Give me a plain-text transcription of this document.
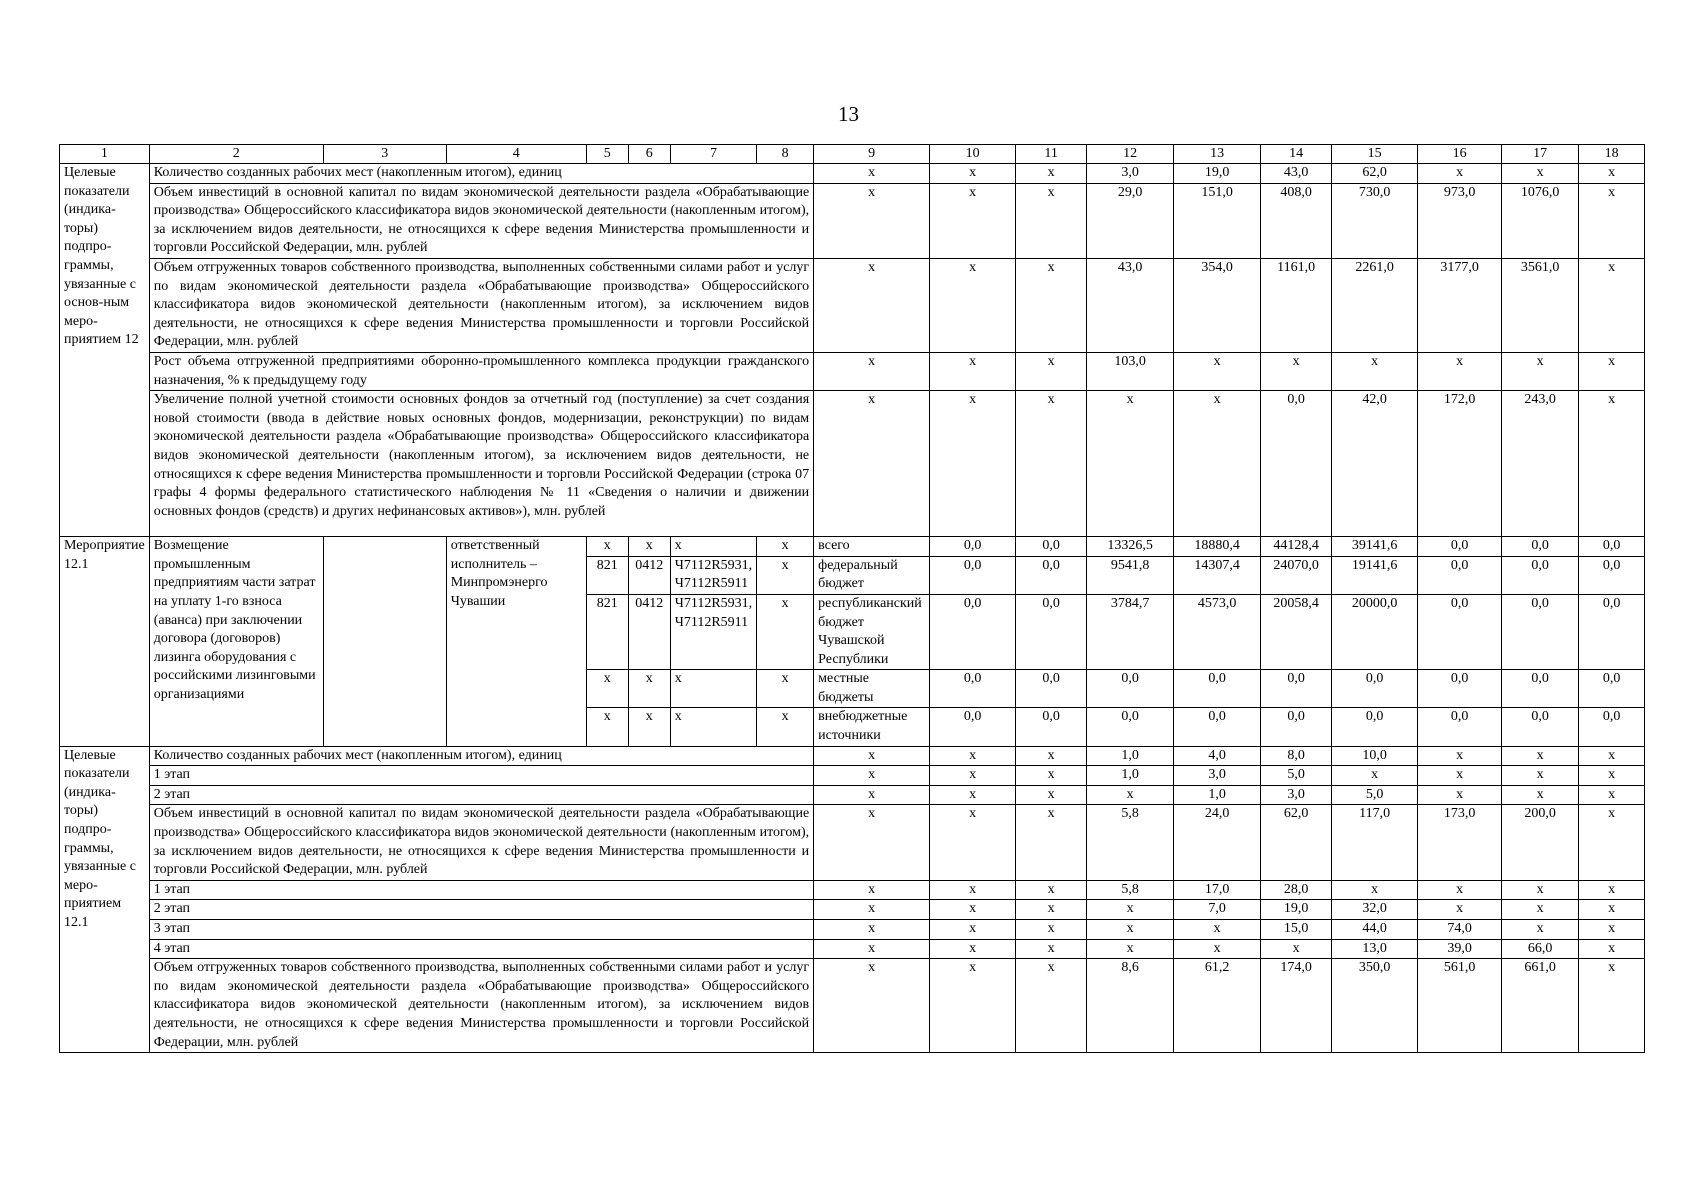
13
1	2	3	4	5	6	7	8	9	10	11	12	13	14	15	16	17	18
Целевые показатели (индика-торы) подпро-граммы, увязанные с основ-ным меро-приятием 12	Количество созданных рабочих мест (накопленным итогом), единиц							х	х	х	3,0	19,0	43,0	62,0	х	х	х
	Объем инвестиций в основной капитал по видам экономической деятельности раздела «Обрабатывающие производства» Общероссийского классификатора видов экономической деятельности (накопленным итогом), за исключением видов деятельности, не относящихся к сфере ведения Министерства промышленности и торговли Российской Федерации, млн. рублей							х	х	х	29,0	151,0	408,0	730,0	973,0	1076,0	х
	Объем отгруженных товаров собственного производства, выполненных собственными силами работ и услуг по видам экономической деятельности раздела «Обрабатывающие производства» Общероссийского классификатора видов экономической деятельности (накопленным итогом), за исключением видов деятельности, не относящихся к сфере ведения Министерства промышленности и торговли Российской Федерации, млн. рублей							х	х	х	43,0	354,0	1161,0	2261,0	3177,0	3561,0	х
	Рост объема отгруженной предприятиями оборонно-промышленного комплекса продукции гражданского назначения, % к предыдущему году							х	х	х	103,0	х	х	х	х	х	х
	Увеличение полной учетной стоимости основных фондов за отчетный год (поступление) за счет создания новой стоимости (ввода в действие новых основных фондов, модернизации, реконструкции) по видам экономической деятельности раздела «Обрабатывающие производства» Общероссийского классификатора видов экономической деятельности (накопленным итогом), за исключением видов деятельности, не относящихся к сфере ведения Министерства промышленности и торговли Российской Федерации (строка 07 графы 4 формы федерального статистического наблюдения № 11 «Сведения о наличии и движении основных фондов (средств) и других нефинансовых активов»), млн. рублей							х	х	х	х	х	0,0	42,0	172,0	243,0	х
Мероприятие 12.1	Возмещение промышленным предприятиям части затрат на уплату 1-го взноса (аванса) при заключении договора (договоров) лизинга оборудования с российскими лизинговыми организациями		ответственный исполнитель – Минпромэнерго Чувашии	х	х	х	х	всего	0,0	0,0	13326,5	18880,4	44128,4	39141,6	0,0	0,0	0,0
				821	0412	Ч7112R5931, Ч7112R5911	х	федеральный бюджет	0,0	0,0	9541,8	14307,4	24070,0	19141,6	0,0	0,0	0,0
				821	0412	Ч7112R5931, Ч7112R5911	х	республиканский бюджет Чувашской Республики	0,0	0,0	3784,7	4573,0	20058,4	20000,0	0,0	0,0	0,0
				х	х	х	х	местные бюджеты	0,0	0,0	0,0	0,0	0,0	0,0	0,0	0,0	0,0
				х	х	х	х	внебюджетные источники	0,0	0,0	0,0	0,0	0,0	0,0	0,0	0,0	0,0
Целевые показатели (индика-торы) подпро-граммы, увязанные с меро-приятием 12.1	Количество созданных рабочих мест (накопленным итогом), единиц							х	х	х	1,0	4,0	8,0	10,0	х	х	х
	1 этап							х	х	х	1,0	3,0	5,0	х	х	х	х
	2 этап							х	х	х	х	1,0	3,0	5,0	х	х	х
	Объем инвестиций в основной капитал по видам экономической деятельности раздела «Обрабатывающие производства» Общероссийского классификатора видов экономической деятельности (накопленным итогом), за исключением видов деятельности, не относящихся к сфере ведения Министерства промышленности и торговли Российской Федерации, млн. рублей							х	х	х	5,8	24,0	62,0	117,0	173,0	200,0	х
	1 этап							х	х	х	5,8	17,0	28,0	х	х	х	х
	2 этап							х	х	х	х	7,0	19,0	32,0	х	х	х
	3 этап							х	х	х	х	х	15,0	44,0	74,0	х	х
	4 этап							х	х	х	х	х	х	13,0	39,0	66,0	х
	Объем отгруженных товаров собственного производства, выполненных собственными силами работ и услуг по видам экономической деятельности раздела «Обрабатывающие производства» Общероссийского классификатора видов экономической деятельности (накопленным итогом), за исключением видов деятельности, не относящихся к сфере ведения Министерства промышленности и торговли Российской Федерации, млн. рублей							х	х	х	8,6	61,2	174,0	350,0	561,0	661,0	х
